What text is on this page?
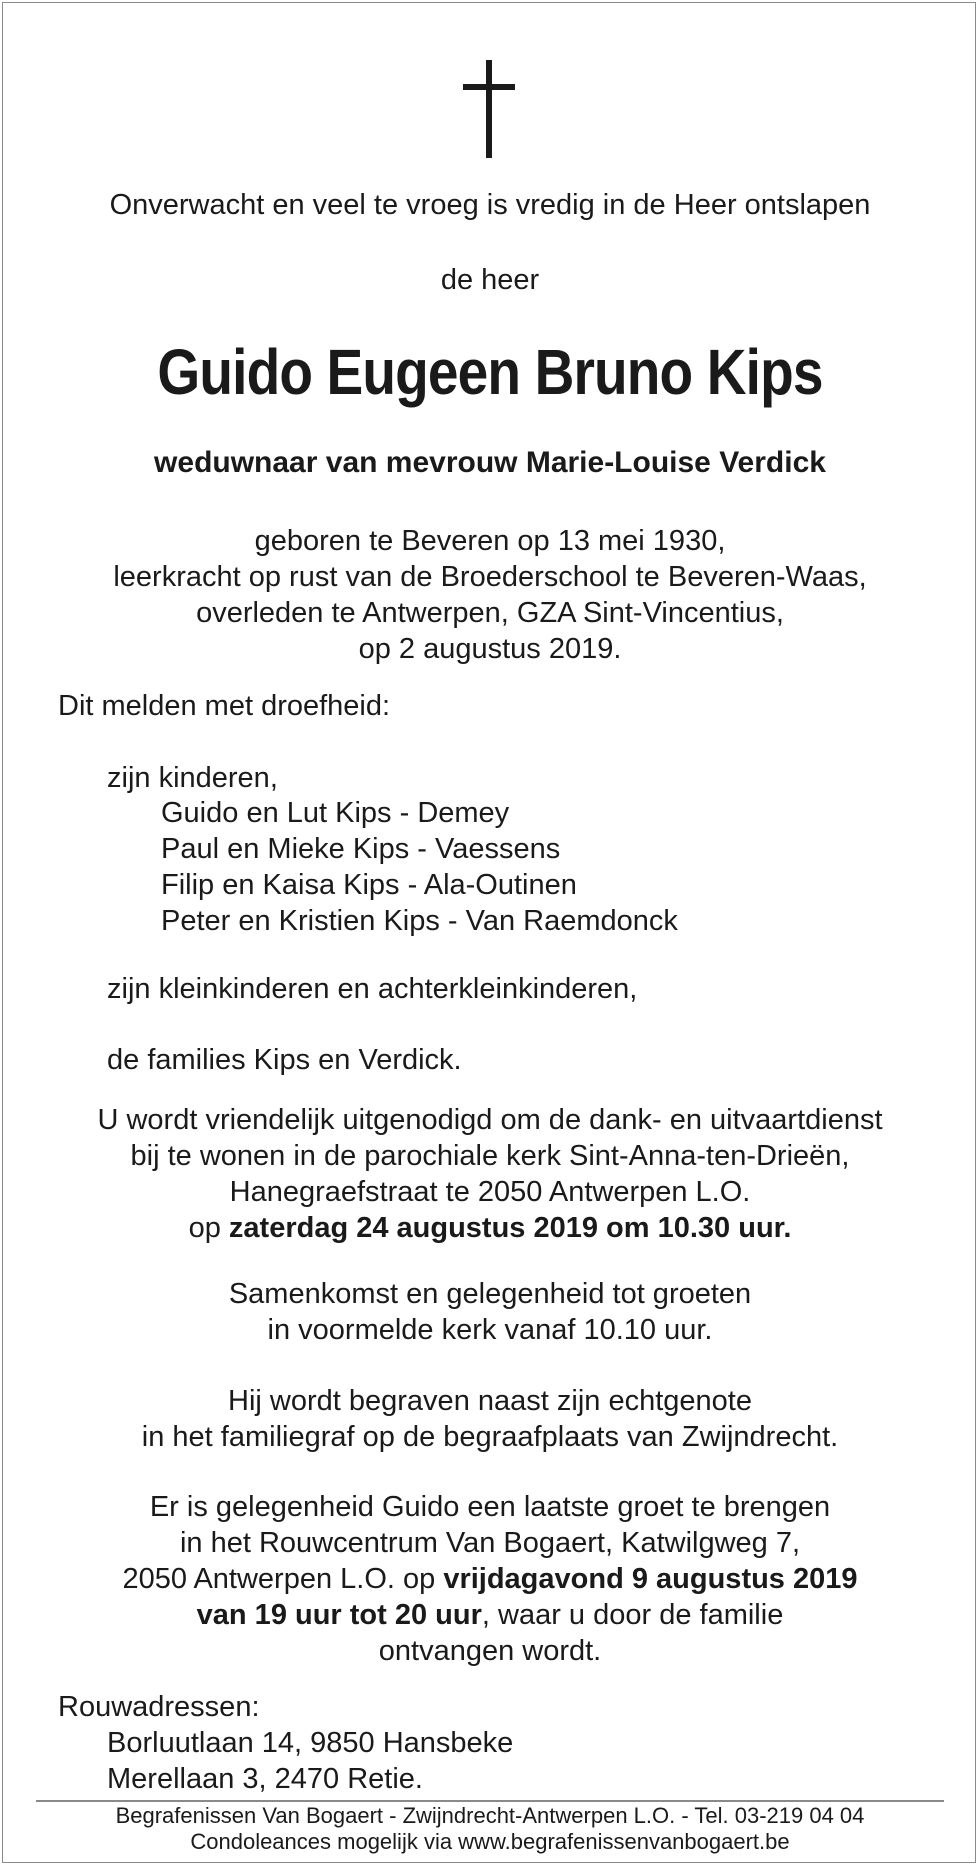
Onverwacht en veel te vroeg is vredig in de Heer ontslapen
de heer
Guido Eugeen Bruno Kips
weduwnaar van mevrouw Marie-Louise Verdick
geboren te Beveren op 13 mei 1930,
leerkracht op rust van de Broederschool te Beveren-Waas,
overleden te Antwerpen, GZA Sint-Vincentius,
op 2 augustus 2019.
Dit melden met droefheid:
zijn kinderen,
Guido en Lut Kips - Demey
Paul en Mieke Kips - Vaessens
Filip en Kaisa Kips - Ala-Outinen
Peter en Kristien Kips - Van Raemdonck
zijn kleinkinderen en achterkleinkinderen,
de families Kips en Verdick.
U wordt vriendelijk uitgenodigd om de dank- en uitvaartdienst
bij te wonen in de parochiale kerk Sint-Anna-ten-Drieën,
Hanegraefstraat te 2050 Antwerpen L.O.
op zaterdag 24 augustus 2019 om 10.30 uur.
Samenkomst en gelegenheid tot groeten
in voormelde kerk vanaf 10.10 uur.
Hij wordt begraven naast zijn echtgenote
in het familiegraf op de begraafplaats van Zwijndrecht.
Er is gelegenheid Guido een laatste groet te brengen
in het Rouwcentrum Van Bogaert, Katwilgweg 7,
2050 Antwerpen L.O. op vrijdagavond 9 augustus 2019
van 19 uur tot 20 uur, waar u door de familie
ontvangen wordt.
Rouwadressen:
Borluutlaan 14, 9850 Hansbeke
Merellaan 3, 2470 Retie.
Begrafenissen Van Bogaert - Zwijndrecht-Antwerpen L.O. - Tel. 03-219 04 04
Condoleances mogelijk via www.begrafenissenvanbogaert.be
